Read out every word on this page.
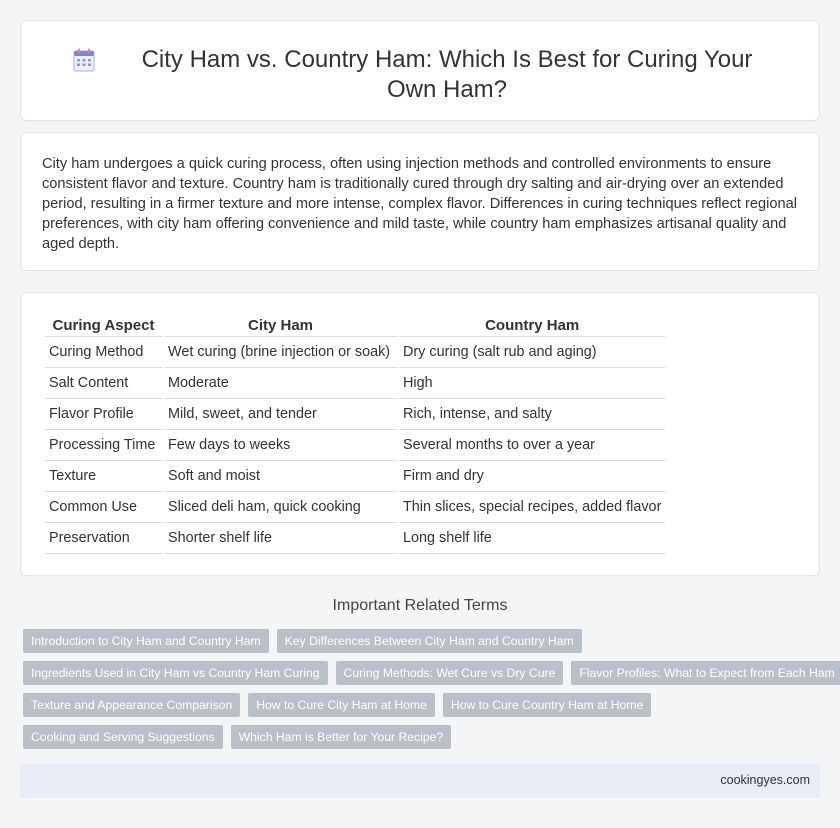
City Ham vs. Country Ham: Which Is Best for Curing Your Own Ham?

City ham undergoes a quick curing process, often using injection methods and controlled environments to ensure consistent flavor and texture. Country ham is traditionally cured through dry salting and air-drying over an extended period, resulting in a firmer texture and more intense, complex flavor. Differences in curing techniques reflect regional preferences, with city ham offering convenience and mild taste, while country ham emphasizes artisanal quality and aged depth.

Curing Aspect	City Ham	Country Ham
Curing Method	Wet curing (brine injection or soak)	Dry curing (salt rub and aging)
Salt Content	Moderate	High
Flavor Profile	Mild, sweet, and tender	Rich, intense, and salty
Processing Time	Few days to weeks	Several months to over a year
Texture	Soft and moist	Firm and dry
Common Use	Sliced deli ham, quick cooking	Thin slices, special recipes, added flavor
Preservation	Shorter shelf life	Long shelf life
Important Related Terms
Introduction to City Ham and Country Ham	Key Differences Between City Ham and Country Ham
Ingredients Used in City Ham vs Country Ham Curing	Curing Methods: Wet Cure vs Dry Cure	Flavor Profiles: What to Expect from Each Ham
Texture and Appearance Comparison	How to Cure City Ham at Home	How to Cure Country Ham at Home
Cooking and Serving Suggestions	Which Ham is Better for Your Recipe?
cookingyes.com
